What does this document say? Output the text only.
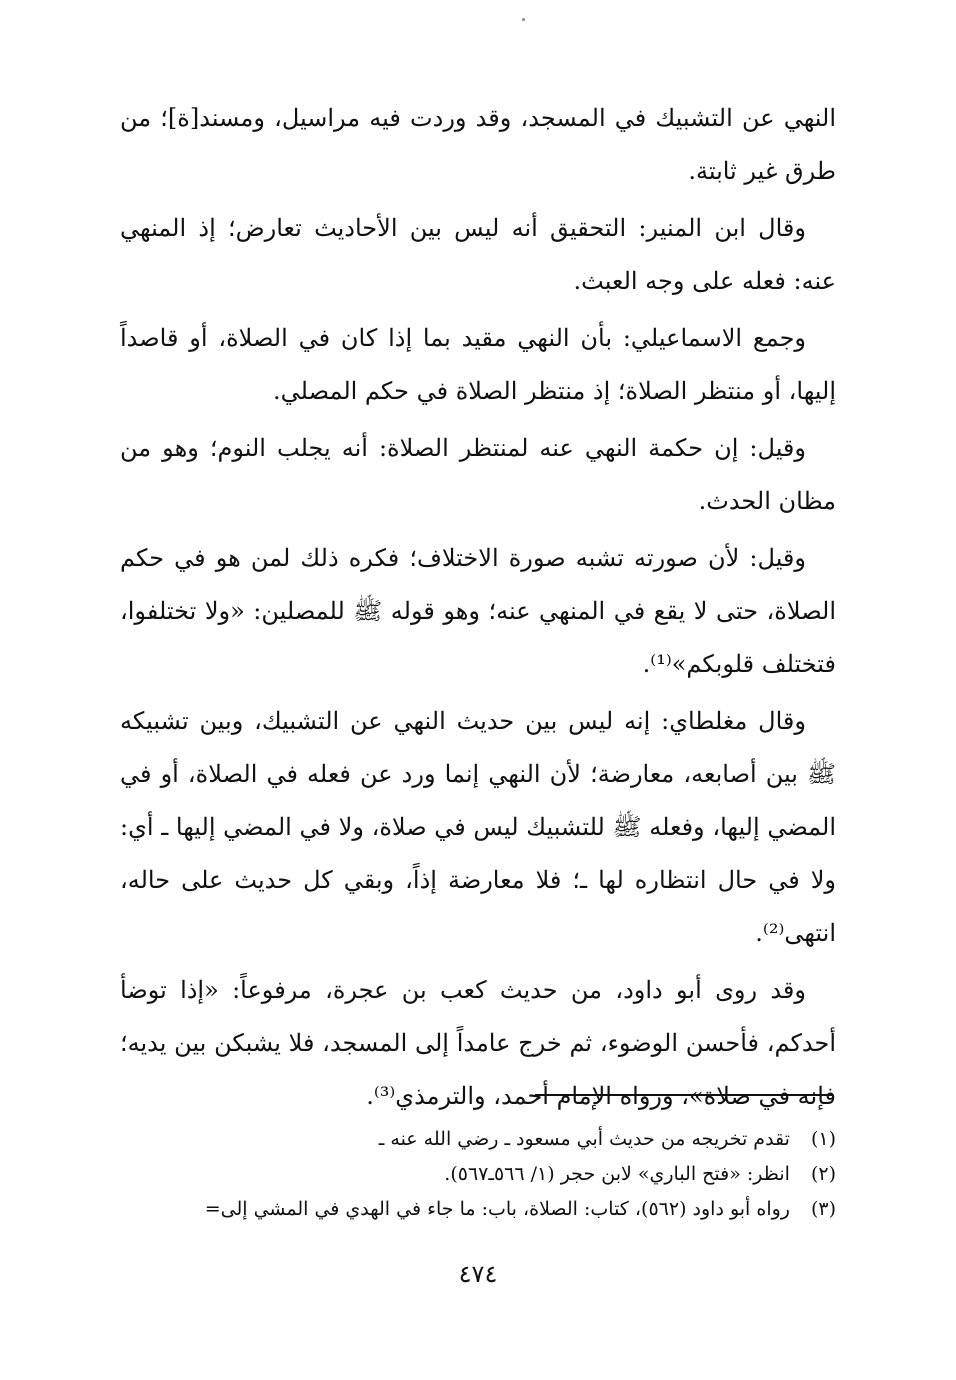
النهي عن التشبيك في المسجد، وقد وردت فيه مراسيل، ومسند[ة]؛ من طرق غير ثابتة.

وقال ابن المنير: التحقيق أنه ليس بين الأحاديث تعارض؛ إذ المنهي عنه: فعله على وجه العبث.

وجمع الاسماعيلي: بأن النهي مقيد بما إذا كان في الصلاة، أو قاصداً إليها، أو منتظر الصلاة؛ إذ منتظر الصلاة في حكم المصلي.

وقيل: إن حكمة النهي عنه لمنتظر الصلاة: أنه يجلب النوم؛ وهو من مظان الحدث.

وقيل: لأن صورته تشبه صورة الاختلاف؛ فكره ذلك لمن هو في حكم الصلاة، حتى لا يقع في المنهي عنه؛ وهو قوله ﷺ للمصلين: «ولا تختلفوا، فتختلف قلوبكم»⁽¹⁾.

وقال مغلطاي: إنه ليس بين حديث النهي عن التشبيك، وبين تشبيكه ﷺ بين أصابعه، معارضة؛ لأن النهي إنما ورد عن فعله في الصلاة، أو في المضي إليها، وفعله ﷺ للتشبيك ليس في صلاة، ولا في المضي إليها ـ أي: ولا في حال انتظاره لها ـ؛ فلا معارضة إذاً، وبقي كل حديث على حاله، انتهى⁽²⁾.

وقد روى أبو داود، من حديث كعب بن عجرة، مرفوعاً: «إذا توضأ أحدكم، فأحسن الوضوء، ثم خرج عامداً إلى المسجد، فلا يشبكن بين يديه؛ فإنه في صلاة»، ورواه الإمام أحمد، والترمذي⁽³⁾.

(١) تقدم تخريجه من حديث أبي مسعود ـ رضي الله عنه ـ
(٢) انظر: «فتح الباري» لابن حجر (١/ ٥٦٦ـ٥٦٧).
(٣) رواه أبو داود (٥٦٢)، كتاب: الصلاة، باب: ما جاء في الهدي في المشي إلى=
٤٧٤
